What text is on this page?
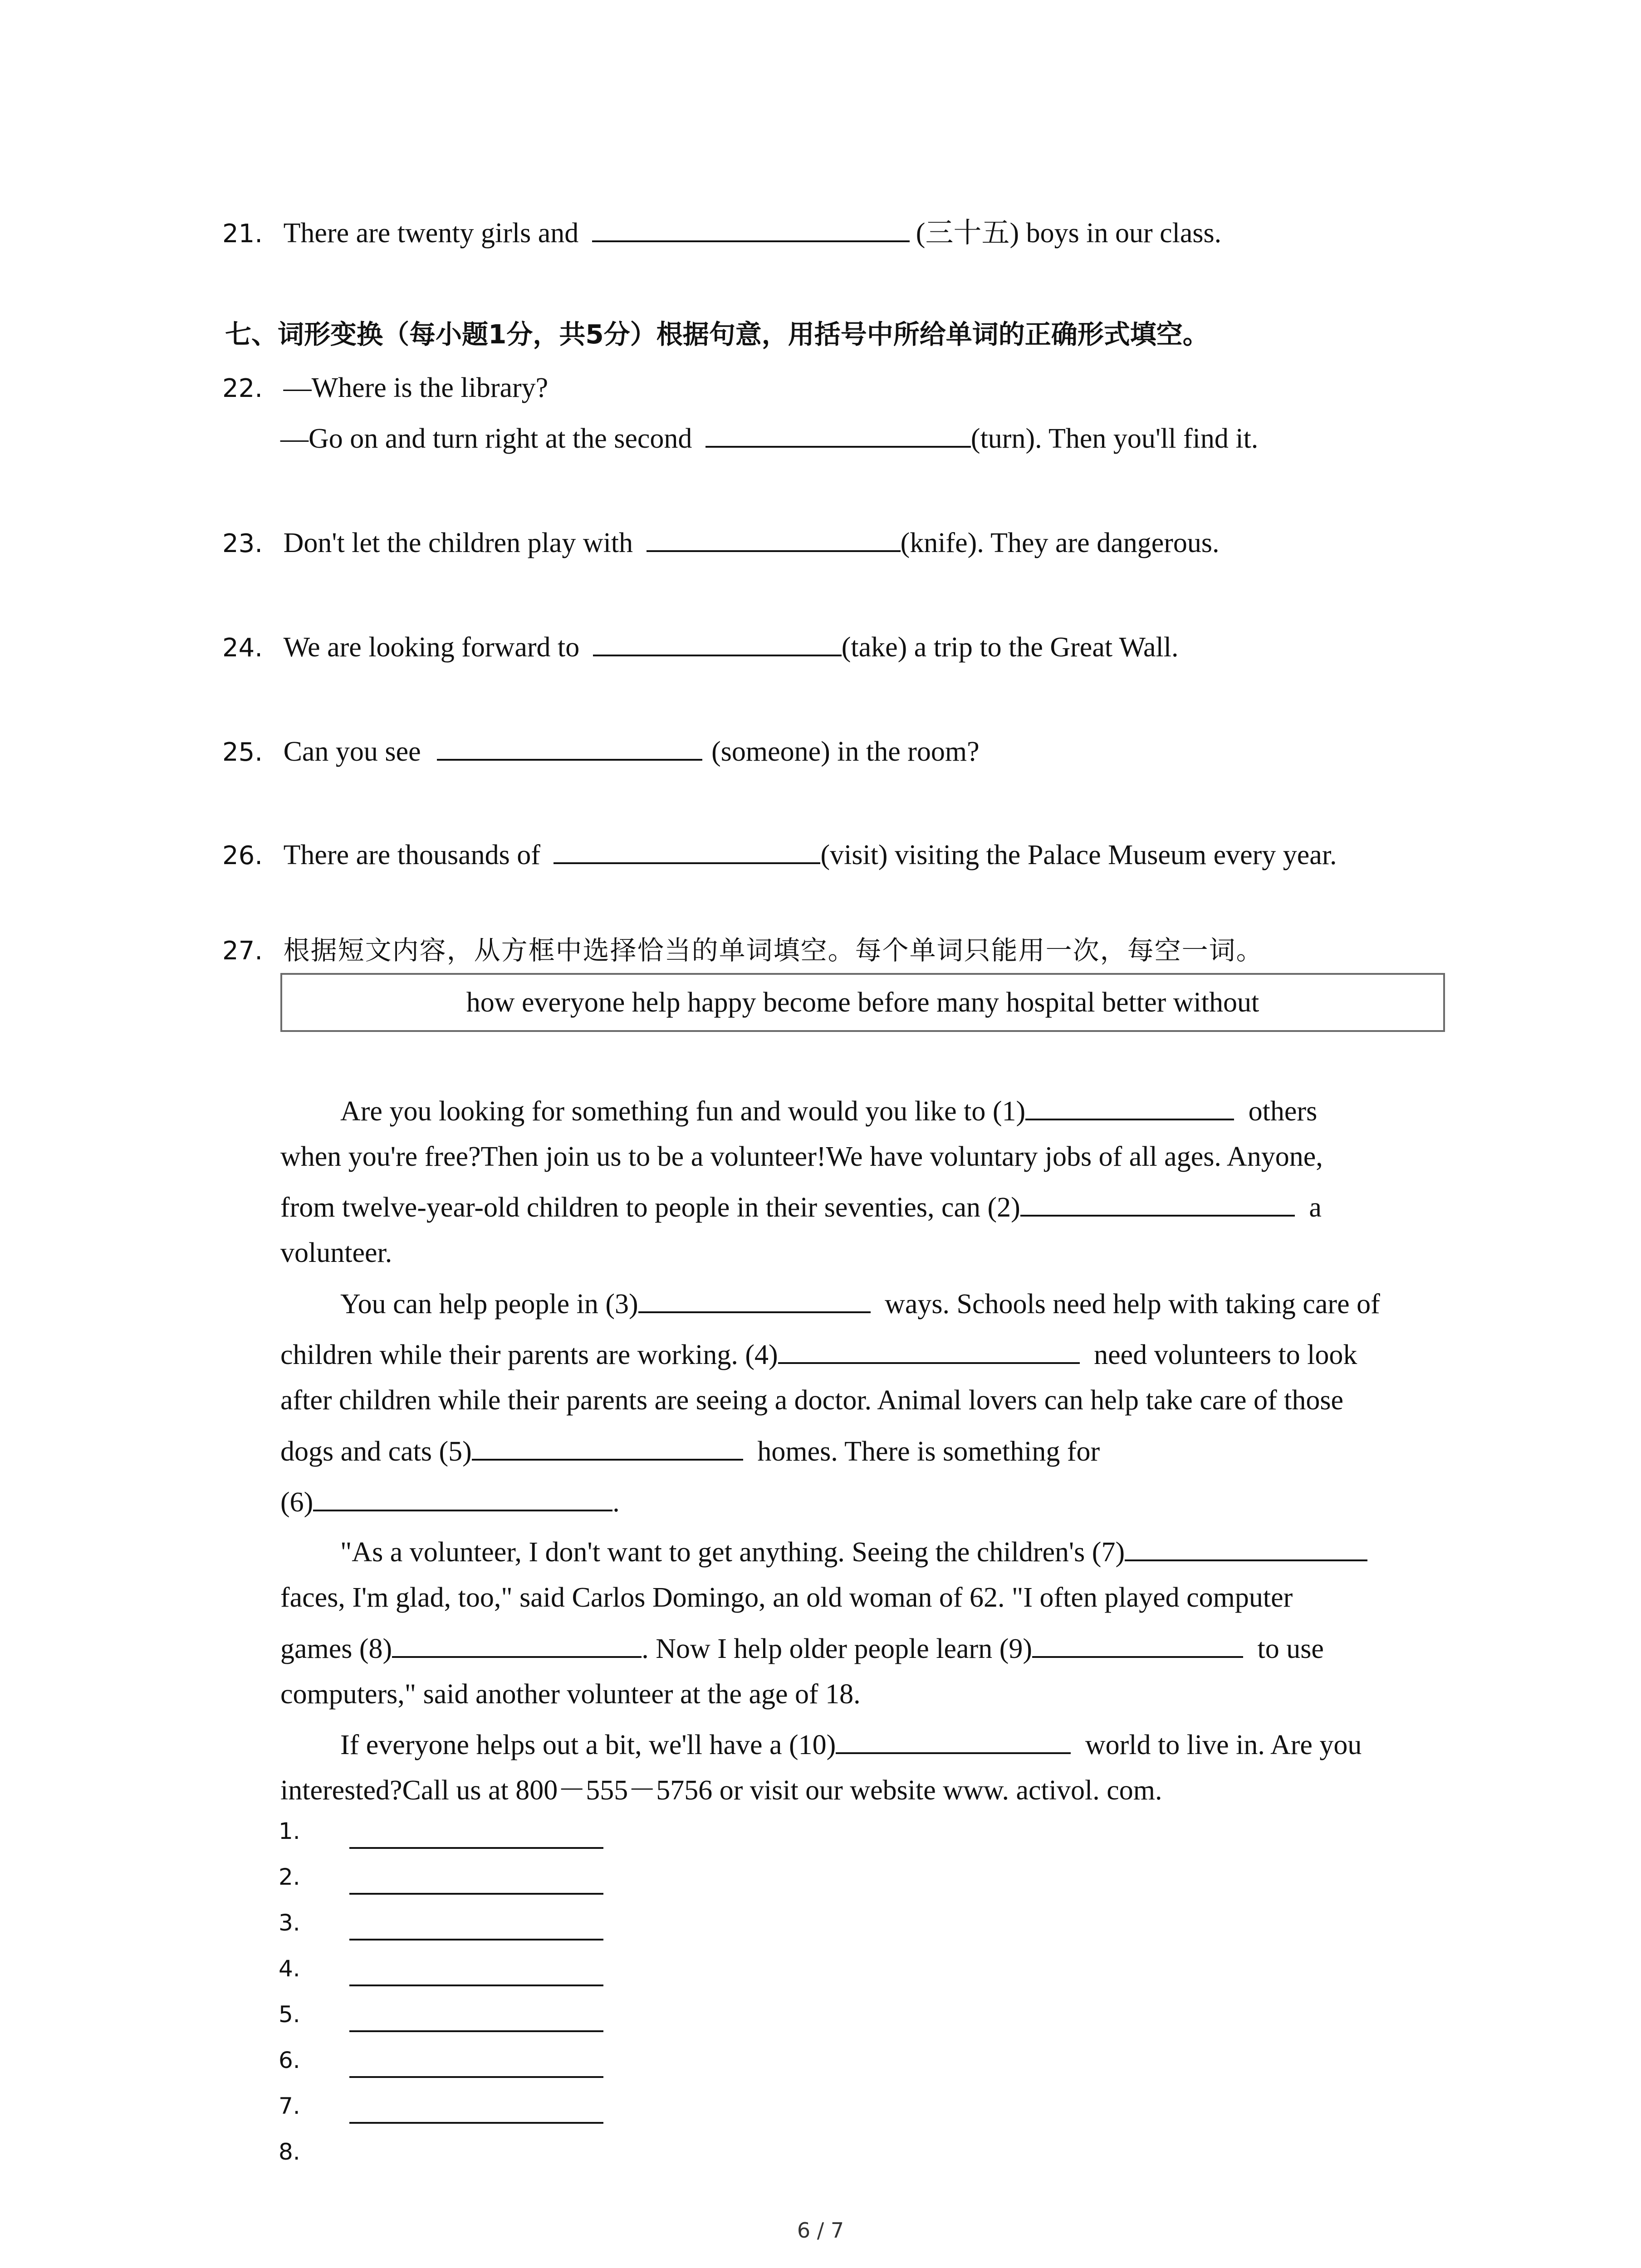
21. There are twenty girls and	(三十五) boys in our class.
七、词形变换（每小题1分，共5分）根据句意，用括号中所给单词的正确形式填空。
22. —Where is the library?
—Go on and turn right at the second	(turn). Then you'll find it.
23. Don't let the children play with	(knife). They are dangerous.
24. We are looking forward to	(take) a trip to the Great Wall.
25. Can you see	(someone) in the room?
26. There are thousands of	(visit) visiting the Palace Museum every year.
27. 根据短文内容，从方框中选择恰当的单词填空。每个单词只能用一次，每空一词。
how everyone help happy become before many hospital better without
Are you looking for something fun and would you like to (1)	others
when you're free?Then join us to be a volunteer!We have voluntary jobs of all ages. Anyone,
from twelve-year-old children to people in their seventies, can (2)	a
volunteer.
You can help people in (3)	ways. Schools need help with taking care of
children while their parents are working. (4)	need volunteers to look
after children while their parents are seeing a doctor. Animal lovers can help take care of those
dogs and cats (5)	homes. There is something for
(6)	.
"As a volunteer, I don't want to get anything. Seeing the children's (7)
faces, I'm glad, too," said Carlos Domingo, an old woman of 62. "I often played computer
games (8)	. Now I help older people learn (9)	to use
computers," said another volunteer at the age of 18.
If everyone helps out a bit, we'll have a (10)	world to live in. Are you
interested?Call us at 800－555－5756 or visit our website www. activol. com.
1.
2.
3.
4.
5.
6.
7.
8.
6 / 7
